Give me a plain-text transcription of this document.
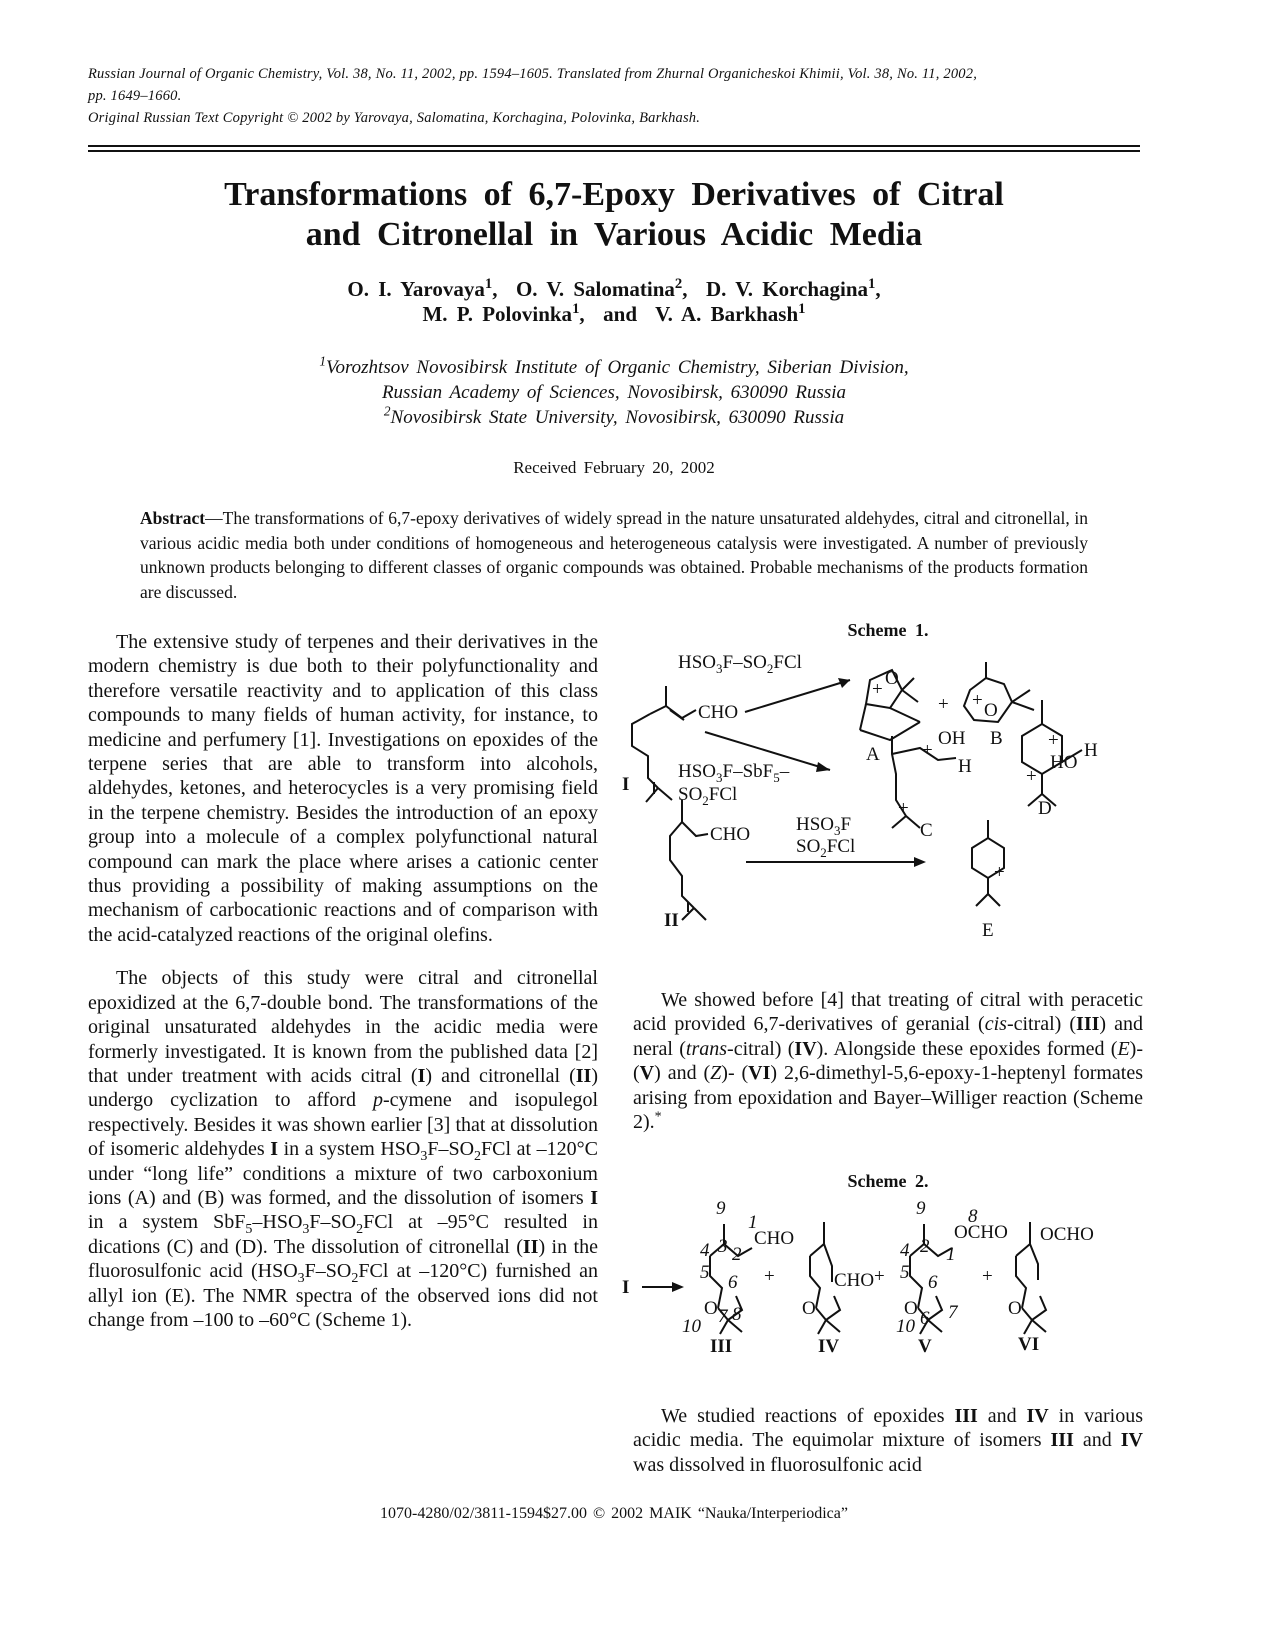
Russian Journal of Organic Chemistry, Vol. 38, No. 11, 2002, pp. 1594–1605. Translated from Zhurnal Organicheskoi Khimii, Vol. 38, No. 11, 2002,
pp. 1649–1660.
Original Russian Text Copyright © 2002 by Yarovaya, Salomatina, Korchagina, Polovinka, Barkhash.
Transformations of 6,7-Epoxy Derivatives of Citral
and Citronellal in Various Acidic Media
O. I. Yarovaya$^1$,  O. V. Salomatina$^2$,  D. V. Korchagina$^1$,
M. P. Polovinka$^1$,  and V. A. Barkhash$^1$
$^1$Vorozhtsov Novosibirsk Institute of Organic Chemistry, Siberian Division,
Russian Academy of Sciences, Novosibirsk, 630090 Russia
$^2$Novosibirsk State University, Novosibirsk, 630090 Russia
Received February 20, 2002
Abstract—The transformations of 6,7-epoxy derivatives of widely spread in the nature unsaturated aldehydes, citral and citronellal, in various acidic media both under conditions of homogeneous and heterogeneous catalysis were investigated. A number of previously unknown products belonging to different classes of organic compounds was obtained. Probable mechanisms of the products formation are discussed.

The extensive study of terpenes and their derivatives in the modern chemistry is due both to their polyfunctionality and therefore versatile reactivity and to application of this class compounds to many fields of human activity, for instance, to medicine and perfumery [1]. Investigations on epoxides of the terpene series that are able to transform into alcohols, aldehydes, ketones, and heterocycles is a very promising field in the terpene chemistry. Besides the introduction of an epoxy group into a molecule of a complex polyfunctional natural compound can mark the place where arises a cationic center thus providing a possibility of making assumptions on the mechanism of carbocationic reactions and of comparison with the acid-catalyzed reactions of the original olefins.

The objects of this study were citral and citronellal epoxidized at the 6,7-double bond. The transformations of the original unsaturated aldehydes in the acidic media were formerly investigated. It is known from the published data [2] that under treatment with acids citral (I) and citronellal (II) undergo cyclization to afford p-cymene and isopulegol respectively. Besides it was shown earlier [3] that at dissolution of isomeric aldehydes I in a system $HSO_3F-SO_2FCl$ at –120°C under “long life” conditions a mixture of two carboxonium ions (A) and (B) was formed, and the dissolution of isomers I in a system $SbF_5-HSO_3F-SO_2FCl$ at –95°C resulted in dications (C) and (D). The dissolution of citronellal (II) in the fluorosulfonic acid ($HSO_3F-SO_2FCl$ at –120°C) furnished an allyl ion (E). The NMR spectra of the observed ions did not change from –100 to –60°C (Scheme 1).

Scheme 1.
CHO
I
$HSO_3F-SO_2FCl$
$HSO_3F-SbF_5-$
$SO_2FCl$
O
+
A
+ O
+
B
OH
H
+
+
C
H
HO
+
+
D
CHO
II
$HSO_3F$
$SO_2FCl$
+
E

We showed before [4] that treating of citral with peracetic acid provided 6,7-derivatives of geranial (cis-citral) (III) and neral (trans-citral) (IV). Alongside these epoxides formed (E)- (V) and (Z)- (VI) 2,6-dimethyl-5,6-epoxy-1-heptenyl formates arising from epoxidation and Bayer–Williger reaction (Scheme 2).*

Scheme 2.
I
CHO
O
9
1
2
3
4
5 6
7 8
10
III
+	CHO +
O
IV
OCHO
O
9 8
2 1
4
5 6
6 7
10
V
+
OCHO
O
VI

We studied reactions of epoxides III and IV in various acidic media. The equimolar mixture of isomers III and IV was dissolved in fluorosulfonic acid

1070-4280/02/3811-1594$27.00 © 2002 MAIK “Nauka/Interperiodica”
